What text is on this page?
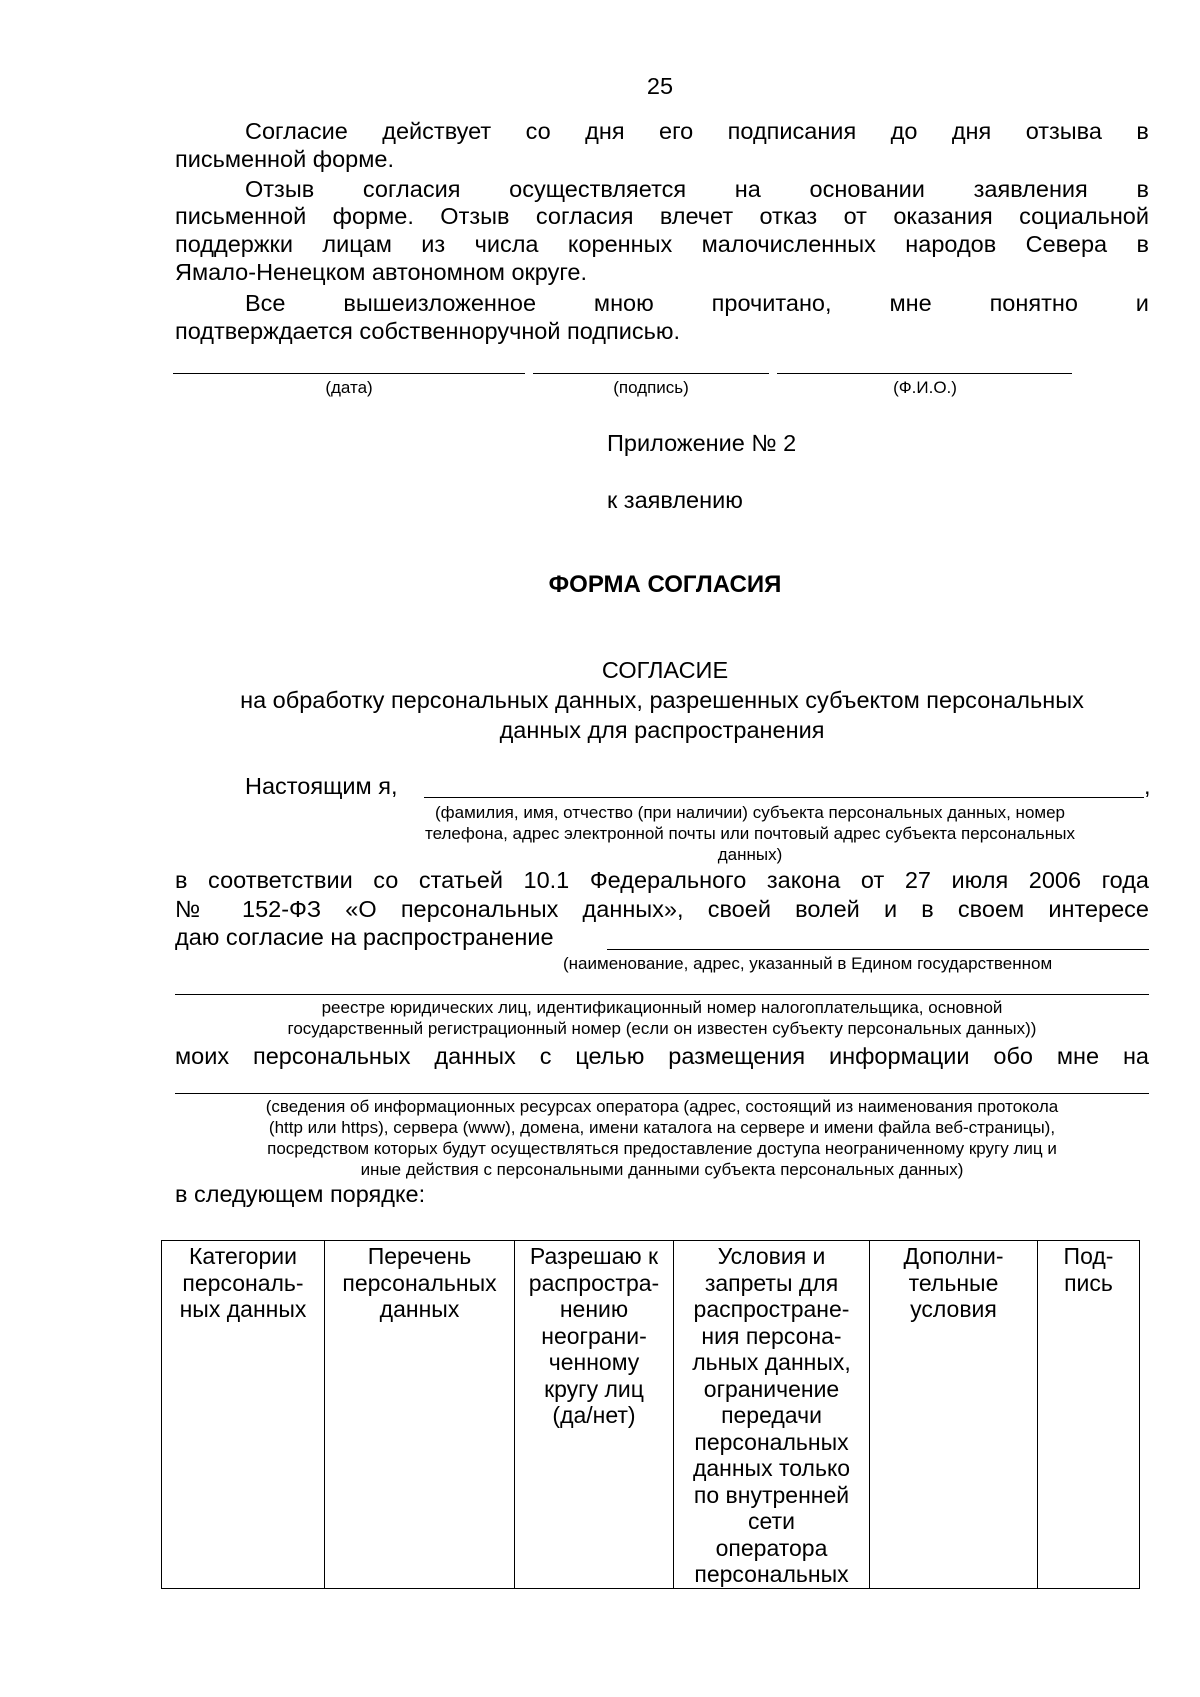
25
Согласие действует со дня его подписания до дня отзыва в
письменной форме.
Отзыв согласия осуществляется на основании заявления в
письменной форме. Отзыв согласия влечет отказ от оказания социальной
поддержки лицам из числа коренных малочисленных народов Севера в
Ямало-Ненецком автономном округе.
Все вышеизложенное мною прочитано, мне понятно и
подтверждается собственноручной подписью.
(дата)	(подпись)	(Ф.И.О.)
Приложение № 2
к заявлению
ФОРМА СОГЛАСИЯ
СОГЛАСИЕ
на обработку персональных данных, разрешенных субъектом персональных
данных для распространения
Настоящим я,	,
(фамилия, имя, отчество (при наличии) субъекта персональных данных, номер
телефона, адрес электронной почты или почтовый адрес субъекта персональных
данных)
в соответствии со статьей 10.1 Федерального закона от 27 июля 2006 года
№ 152-ФЗ «О персональных данных», своей волей и в своем интересе
даю согласие на распространение
(наименование, адрес, указанный в Едином государственном
реестре юридических лиц, идентификационный номер налогоплательщика, основной
государственный регистрационный номер (если он известен субъекту персональных данных))
моих персональных данных с целью размещения информации обо мне на
(сведения об информационных ресурсах оператора (адрес, состоящий из наименования протокола
(http или https), сервера (www), домена, имени каталога на сервере и имени файла веб-страницы),
посредством которых будут осуществляться предоставление доступа неограниченному кругу лиц и
иные действия с персональными данными субъекта персональных данных)
в следующем порядке:
Категории
персональ-
ных данных

Перечень
персональных
данных

Разрешаю к
распростра-
нению
неограни-
ченному
кругу лиц
(да/нет)

Условия и
запреты для
распростране-
ния персона-
льных данных,
ограничение
передачи
персональных
данных только
по внутренней
сети
оператора
персональных

Дополни-
тельные
условия

Под-
пись
